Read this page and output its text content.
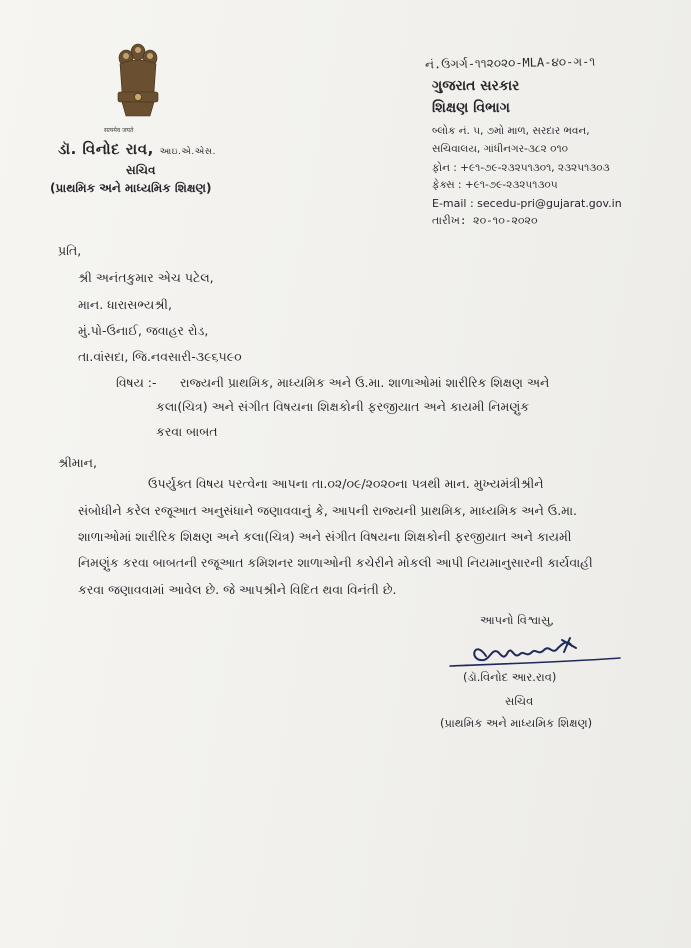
सत्यमेव जयते
ડૉ. વિનોદ રાવ, આઇ.એ.એસ.
સચિવ
(પ્રાથમિક અને માધ્યમિક શિક્ષણ)
નં.ઉગર્ગ-૧૧૨૦૨૦-MLA-૪૦-ગ-૧
ગુજરાત સરકાર
શિક્ષણ વિભાગ
બ્લોક નં. ૫, ૭મો માળ, સરદાર ભવન,
સચિવાલય, ગાંધીનગર-૩૮૨ ૦૧૦
ફોન : +૯૧-૭૯-૨૩૨૫૧૩૦૧, ૨૩૨૫૧૩૦૩
ફેક્સ : +૯૧-૭૯-૨૩૨૫૧૩૦૫
E-mail : secedu-pri@gujarat.gov.in
તારીખ: ૨૦-૧૦-૨૦૨૦
પ્રતિ,
શ્રી અનંતકુમાર એચ પટેલ,
માન. ધારાસભ્યશ્રી,
મું.પો-ઉનાઈ, જવાહર રોડ,
તા.વાંસદા, જિ.નવસારી-૩૯૬૫૯૦
વિષય :- રાજ્યની પ્રાથમિક, માધ્યમિક અને ઉ.મા. શાળાઓમાં શારીરિક શિક્ષણ અને
કલા(ચિત્ર) અને સંગીત વિષયના શિક્ષકોની ફરજીયાત અને કાયમી નિમણુંક
કરવા બાબત
શ્રીમાન,
ઉપર્યુક્ત વિષય પરત્વેના આપના તા.૦૨/૦૯/૨૦૨૦ના પત્રથી માન. મુખ્યમંત્રીશ્રીને
સંબોધીને કરેલ રજૂઆત અનુસંધાને જણાવવાનું કે, આપની રાજ્યની પ્રાથમિક, માધ્યમિક અને ઉ.મા.
શાળાઓમાં શારીરિક શિક્ષણ અને કલા(ચિત્ર) અને સંગીત વિષયના શિક્ષકોની ફરજીયાત અને કાયમી
નિમણુંક કરવા બાબતની રજૂઆત કમિશનર શાળાઓની કચેરીને મોકલી આપી નિયમાનુસારની કાર્યવાહી
કરવા જણાવવામાં આવેલ છે. જે આપશ્રીને વિદિત થવા વિનંતી છે.
આપનો વિશ્વાસુ,
(ડૉ.વિનોદ આર.રાવ)
સચિવ
(પ્રાથમિક અને માધ્યમિક શિક્ષણ)
